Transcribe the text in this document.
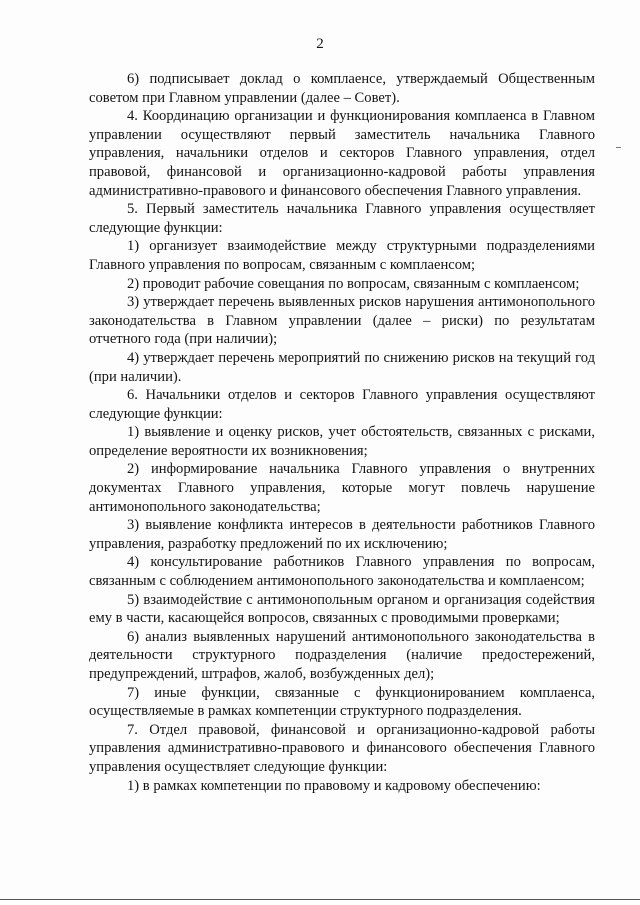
2

6) подписывает доклад о комплаенсе, утверждаемый Общественным советом при Главном управлении (далее – Совет).

4. Координацию организации и функционирования комплаенса в Главном управлении осуществляют первый заместитель начальника Главного управления, начальники отделов и секторов Главного управления, отдел правовой, финансовой и организационно-кадровой работы управления административно-правового и финансового обеспечения Главного управления.

5. Первый заместитель начальника Главного управления осуществляет следующие функции:

1) организует взаимодействие между структурными подразделениями Главного управления по вопросам, связанным с комплаенсом;

2) проводит рабочие совещания по вопросам, связанным с комплаенсом;

3) утверждает перечень выявленных рисков нарушения антимонопольного законодательства в Главном управлении (далее – риски) по результатам отчетного года (при наличии);

4) утверждает перечень мероприятий по снижению рисков на текущий год (при наличии).

6. Начальники отделов и секторов Главного управления осуществляют следующие функции:

1) выявление и оценку рисков, учет обстоятельств, связанных с рисками, определение вероятности их возникновения;

2) информирование начальника Главного управления о внутренних документах Главного управления, которые могут повлечь нарушение антимонопольного законодательства;

3) выявление конфликта интересов в деятельности работников Главного управления, разработку предложений по их исключению;

4) консультирование работников Главного управления по вопросам, связанным с соблюдением антимонопольного законодательства и комплаенсом;

5) взаимодействие с антимонопольным органом и организация содействия ему в части, касающейся вопросов, связанных с проводимыми проверками;

6) анализ выявленных нарушений антимонопольного законодательства в деятельности структурного подразделения (наличие предостережений, предупреждений, штрафов, жалоб, возбужденных дел);

7) иные функции, связанные с функционированием комплаенса, осуществляемые в рамках компетенции структурного подразделения.

7. Отдел правовой, финансовой и организационно-кадровой работы управления административно-правового и финансового обеспечения Главного управления осуществляет следующие функции:

1) в рамках компетенции по правовому и кадровому обеспечению:
